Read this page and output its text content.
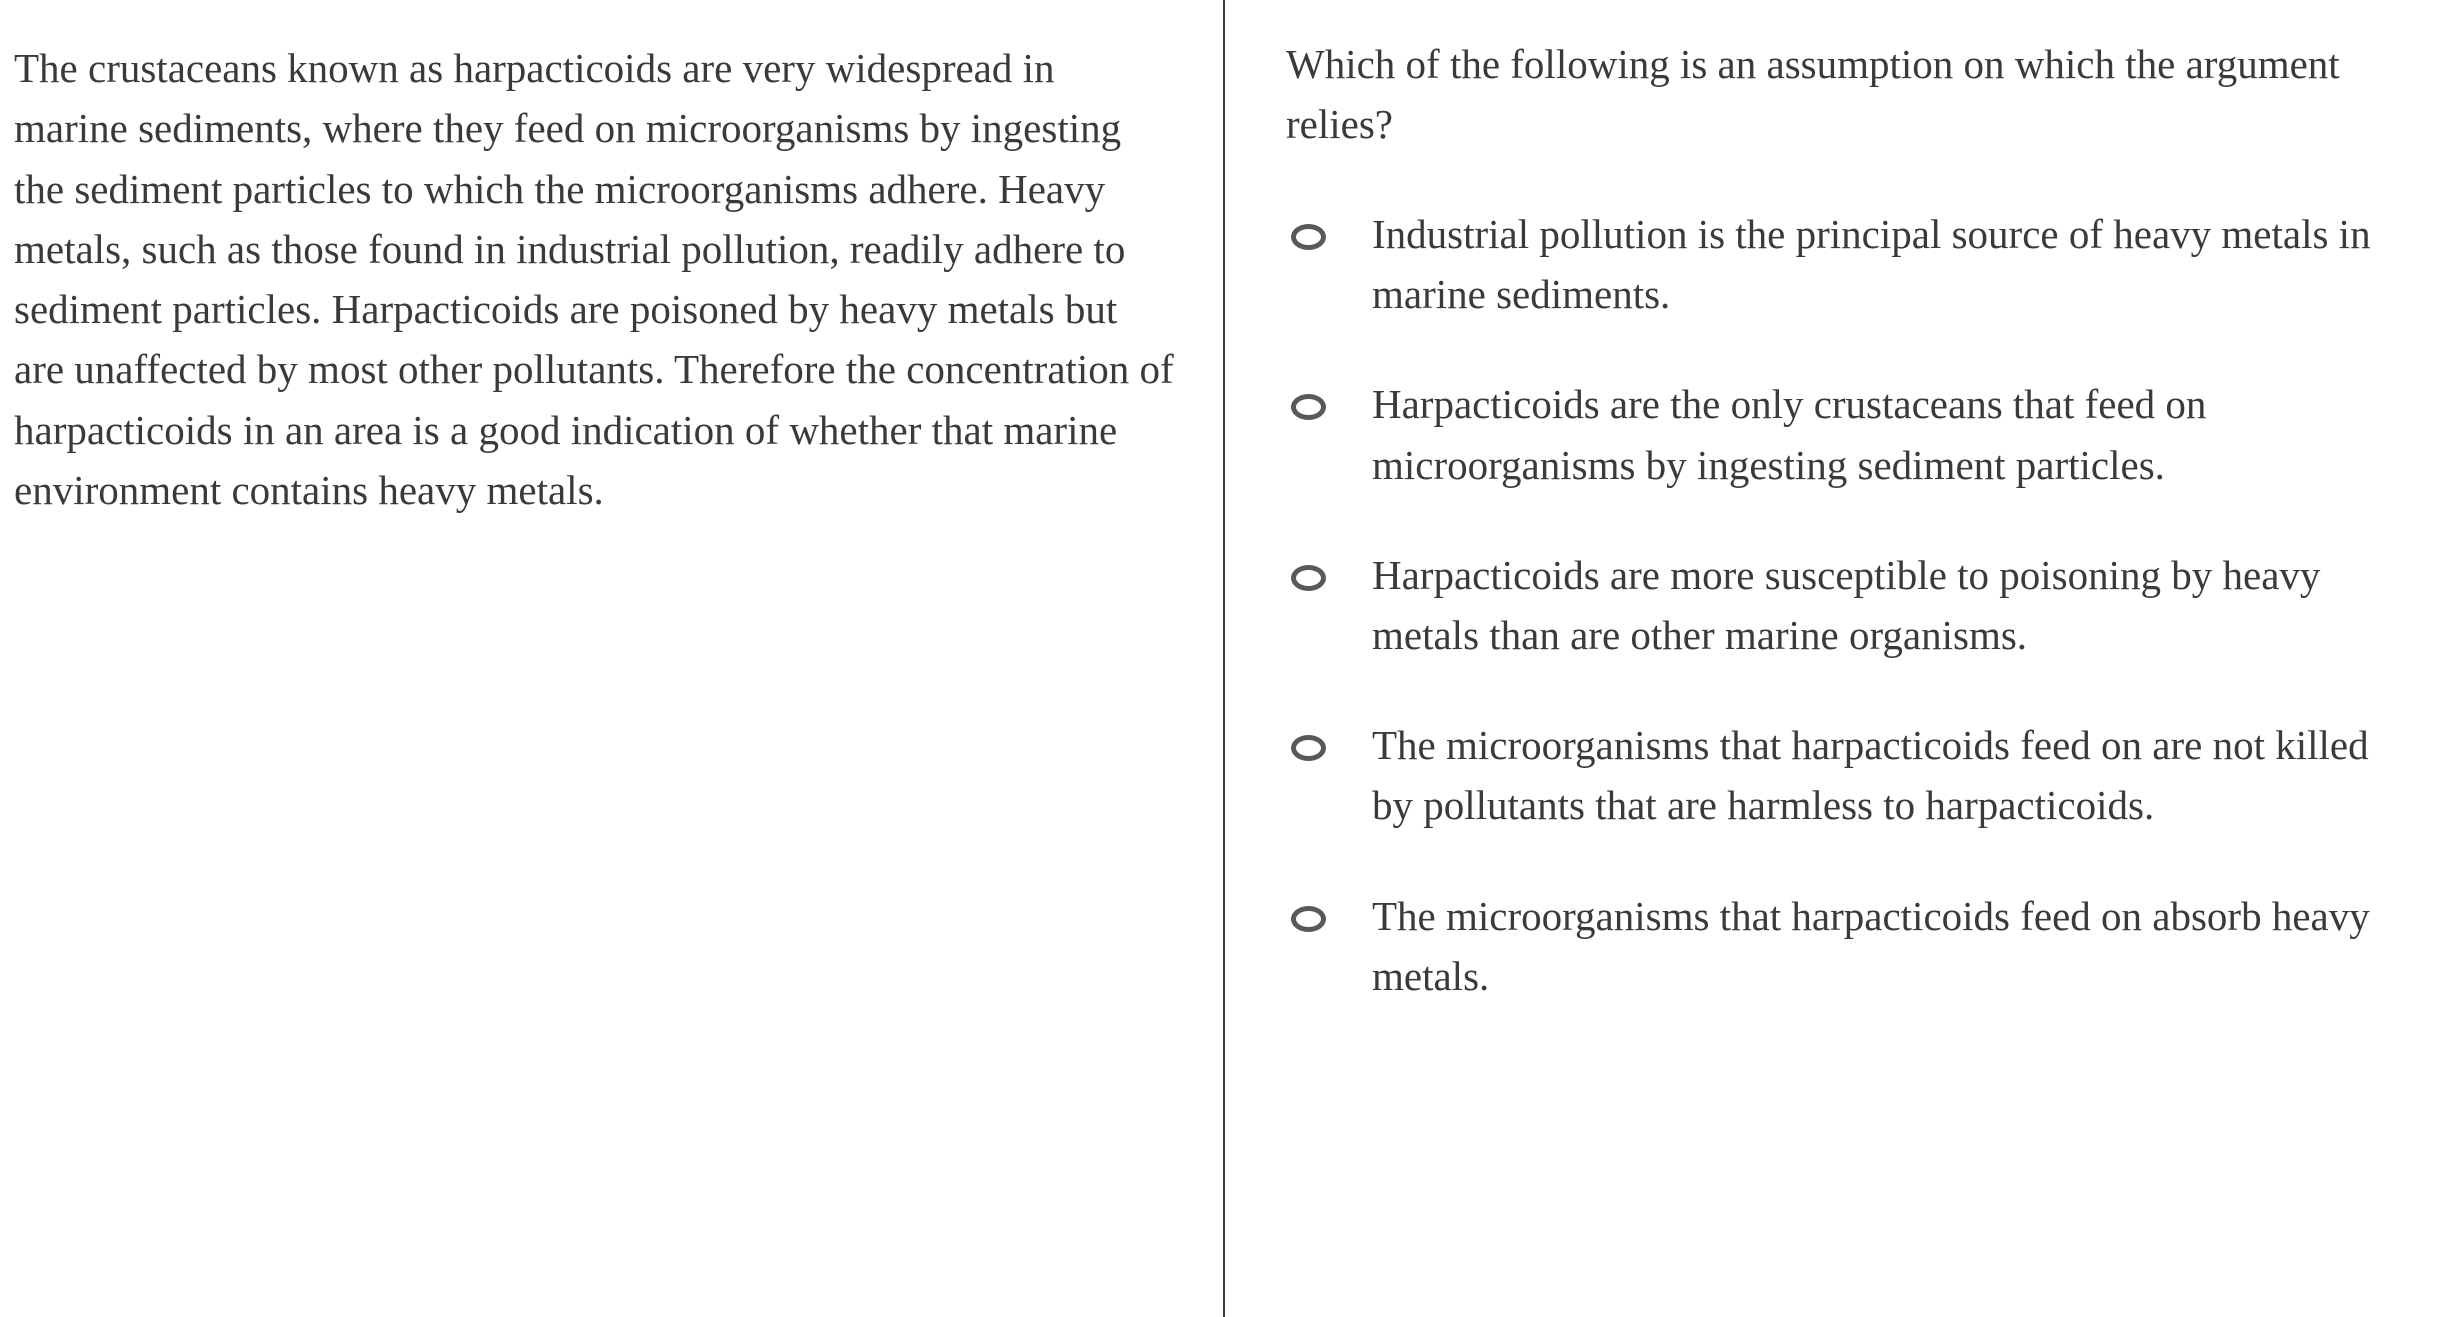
The crustaceans known as harpacticoids are very widespread in marine sediments, where they feed on microorganisms by ingesting the sediment particles to which the microorganisms adhere. Heavy metals, such as those found in industrial pollution, readily adhere to sediment particles. Harpacticoids are poisoned by heavy metals but are unaffected by most other pollutants. Therefore the concentration of harpacticoids in an area is a good indication of whether that marine environment contains heavy metals.

Which of the following is an assumption on which the argument relies?

Industrial pollution is the principal source of heavy metals in marine sediments.
Harpacticoids are the only crustaceans that feed on microorganisms by ingesting sediment particles.
Harpacticoids are more susceptible to poisoning by heavy metals than are other marine organisms.
The microorganisms that harpacticoids feed on are not killed by pollutants that are harmless to harpacticoids.
The microorganisms that harpacticoids feed on absorb heavy metals.
